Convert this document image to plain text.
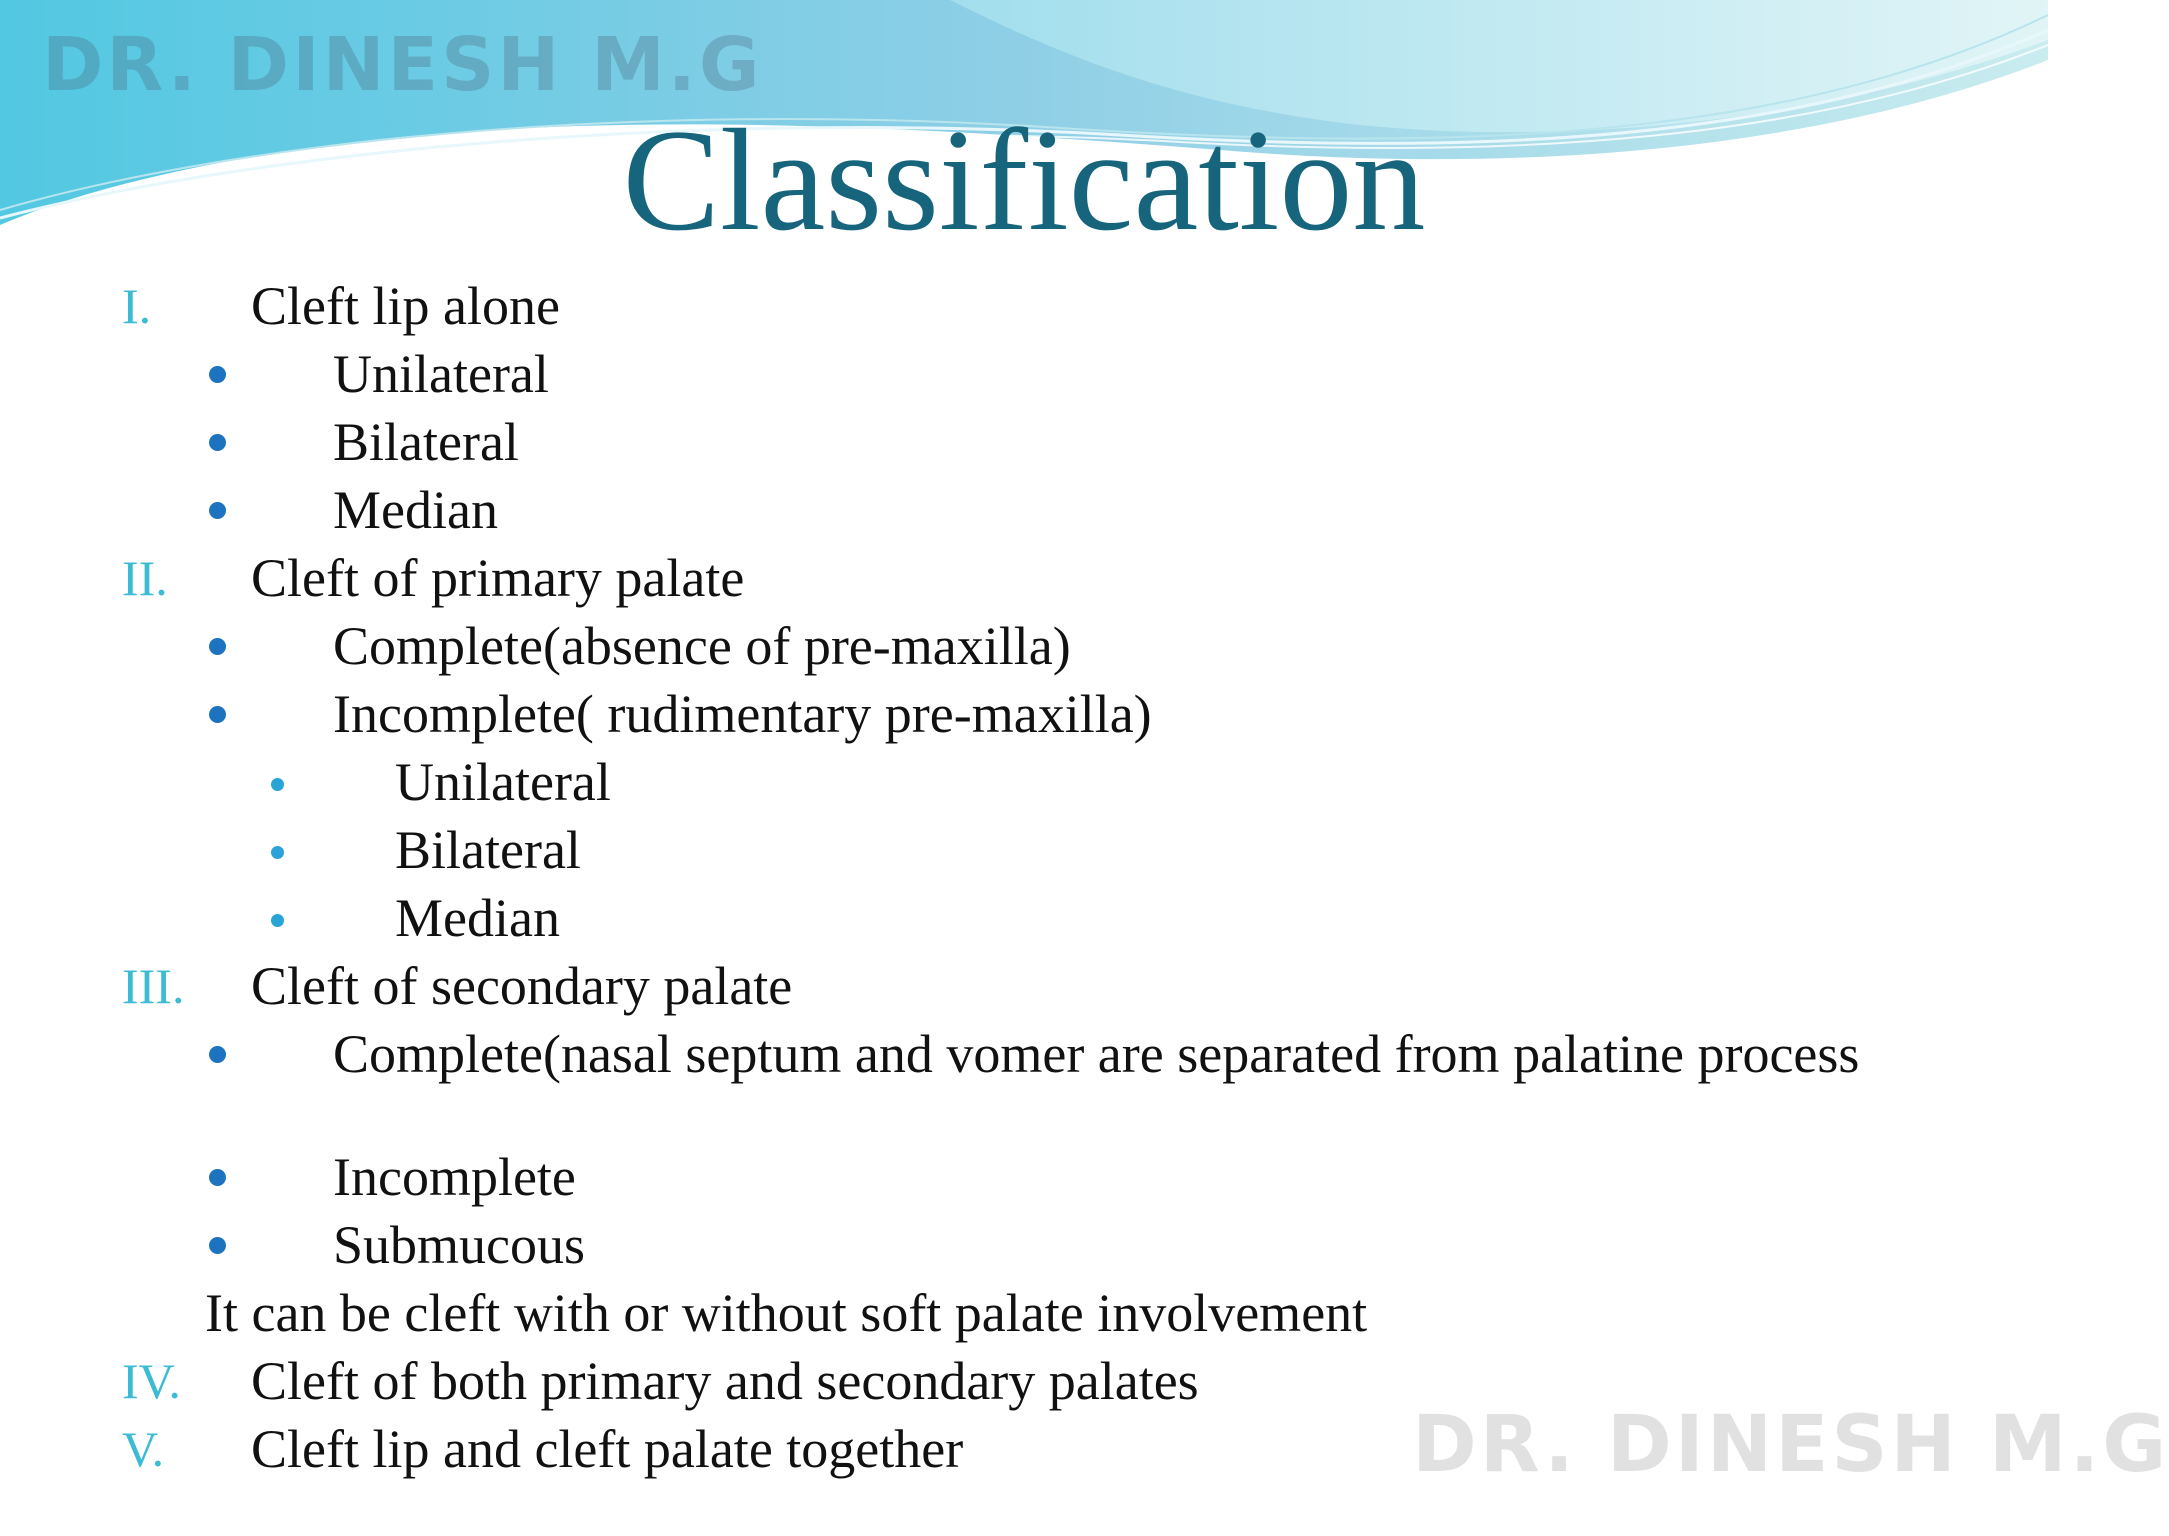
DR. DINESH M.G
Classification
I. Cleft lip alone
Unilateral
Bilateral
Median
II. Cleft of primary palate
Complete(absence of pre-maxilla)
Incomplete( rudimentary pre-maxilla)
Unilateral
Bilateral
Median
III. Cleft of secondary palate
Complete(nasal septum and vomer are separated from palatine process
Incomplete
Submucous
It can be cleft with or without soft palate involvement
IV. Cleft of both primary and secondary palates
V. Cleft lip and cleft palate together	DR. DINESH M.G
